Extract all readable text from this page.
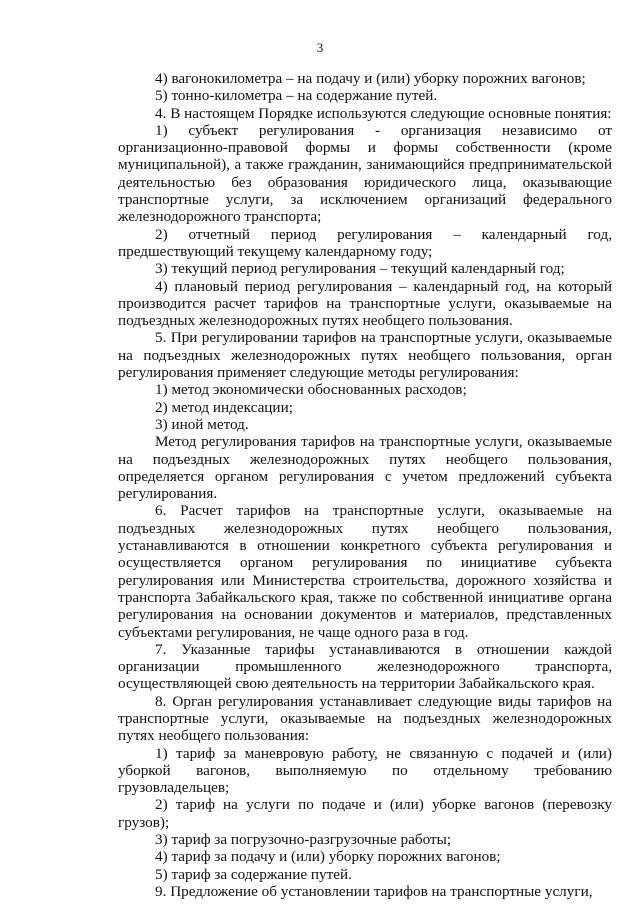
3

4) вагонокилометра – на подачу и (или) уборку порожних вагонов;

5) тонно-километра – на содержание путей.

4. В настоящем Порядке используются следующие основные понятия:

1) субъект регулирования - организация независимо от организационно-правовой формы и формы собственности (кроме муниципальной), а также гражданин, занимающийся предпринимательской деятельностью без образования юридического лица, оказывающие транспортные услуги, за исключением организаций федерального железнодорожного транспорта;

2) отчетный период регулирования – календарный год, предшествующий текущему календарному году;

3) текущий период регулирования – текущий календарный год;

4) плановый период регулирования – календарный год, на который производится расчет тарифов на транспортные услуги, оказываемые на подъездных железнодорожных путях необщего пользования.

5. При регулировании тарифов на транспортные услуги, оказываемые на подъездных железнодорожных путях необщего пользования, орган регулирования применяет следующие методы регулирования:

1) метод экономически обоснованных расходов;

2) метод индексации;

3) иной метод.

Метод регулирования тарифов на транспортные услуги, оказываемые на подъездных железнодорожных путях необщего пользования, определяется органом регулирования с учетом предложений субъекта регулирования.

6. Расчет тарифов на транспортные услуги, оказываемые на подъездных железнодорожных путях необщего пользования, устанавливаются в отношении конкретного субъекта регулирования и осуществляется органом регулирования по инициативе субъекта регулирования или Министерства строительства, дорожного хозяйства и транспорта Забайкальского края, также по собственной инициативе органа регулирования на основании документов и материалов, представленных субъектами регулирования, не чаще одного раза в год.

7. Указанные тарифы устанавливаются в отношении каждой организации промышленного железнодорожного транспорта, осуществляющей свою деятельность на территории Забайкальского края.

8. Орган регулирования устанавливает следующие виды тарифов на транспортные услуги, оказываемые на подъездных железнодорожных путях необщего пользования:

1) тариф за маневровую работу, не связанную с подачей и (или) уборкой вагонов, выполняемую по отдельному требованию грузовладельцев;

2) тариф на услуги по подаче и (или) уборке вагонов (перевозку грузов);

3) тариф за погрузочно-разгрузочные работы;

4) тариф за подачу и (или) уборку порожних вагонов;

5) тариф за содержание путей.

9. Предложение об установлении тарифов на транспортные услуги,
